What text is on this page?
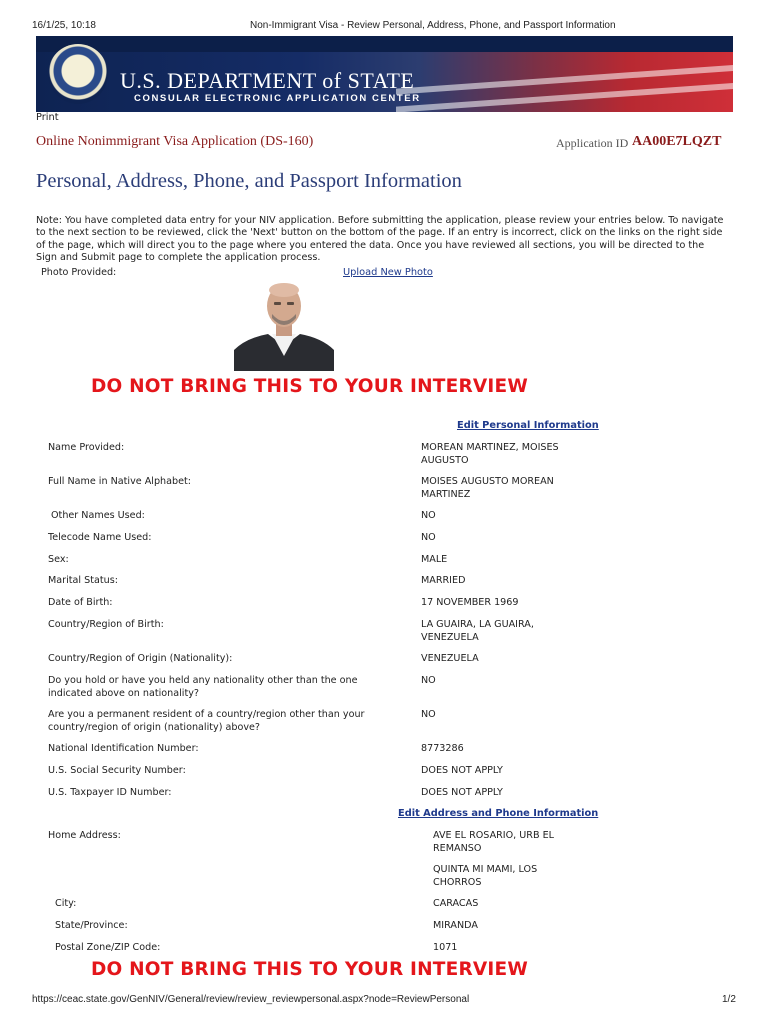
16/1/25, 10:18	Non-Immigrant Visa - Review Personal, Address, Phone, and Passport Information
U.S. DEPARTMENT of STATE
CONSULAR ELECTRONIC APPLICATION CENTER
Print
Online Nonimmigrant Visa Application (DS-160)	Application ID AA00E7LQZT
Personal, Address, Phone, and Passport Information
Note: You have completed data entry for your NIV application. Before submitting the application, please review your entries below. To navigate to the next section to be reviewed, click the 'Next' button on the bottom of the page. If an entry is incorrect, click on the links on the right side of the page, which will direct you to the page where you entered the data. Once you have reviewed all sections, you will be directed to the Sign and Submit page to complete the application process.
Photo Provided:	Upload New Photo
DO NOT BRING THIS TO YOUR INTERVIEW
Edit Personal Information
Name Provided:	MOREAN MARTINEZ, MOISES AUGUSTO
Full Name in Native Alphabet:	MOISES AUGUSTO MOREAN MARTINEZ
Other Names Used:	NO
Telecode Name Used:	NO
Sex:	MALE
Marital Status:	MARRIED
Date of Birth:	17 NOVEMBER 1969
Country/Region of Birth:	LA GUAIRA, LA GUAIRA, VENEZUELA
Country/Region of Origin (Nationality):	VENEZUELA
Do you hold or have you held any nationality other than the one indicated above on nationality?
NO
Are you a permanent resident of a country/region other than your country/region of origin (nationality) above?
NO
National Identification Number:	8773286
U.S. Social Security Number:	DOES NOT APPLY
U.S. Taxpayer ID Number:	DOES NOT APPLY
Edit Address and Phone Information
Home Address:	AVE EL ROSARIO, URB EL REMANSO
QUINTA MI MAMI, LOS CHORROS
City:	CARACAS
State/Province:	MIRANDA
Postal Zone/ZIP Code:	1071
DO NOT BRING THIS TO YOUR INTERVIEW
https://ceac.state.gov/GenNIV/General/review/review_reviewpersonal.aspx?node=ReviewPersonal	1/2
